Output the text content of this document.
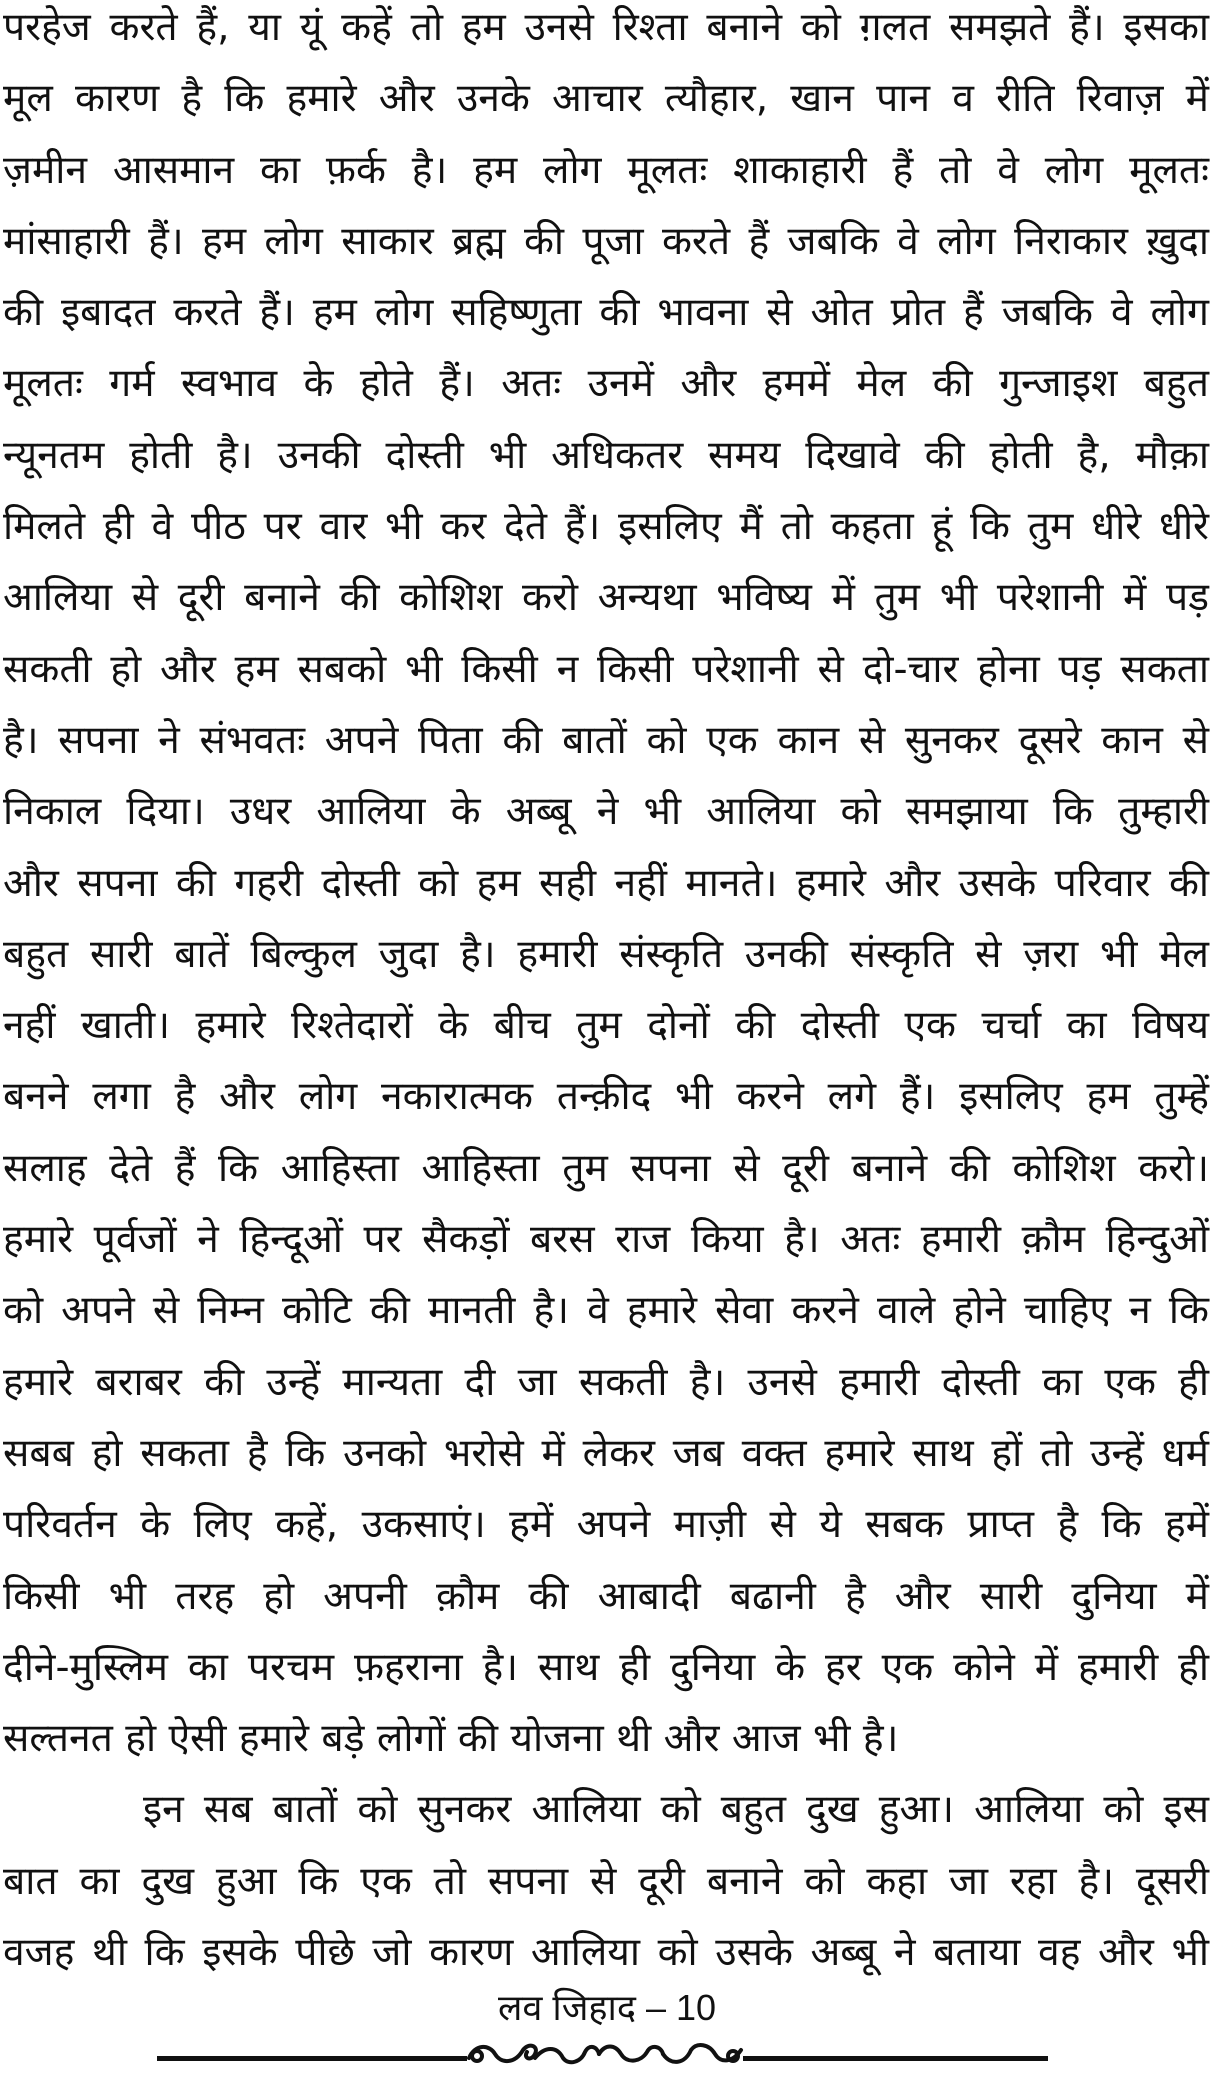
परहेज करते हैं, या यूं कहें तो हम उनसे रिश्ता बनाने को ग़लत समझते हैं। इसका
मूल कारण है कि हमारे और उनके आचार त्यौहार, खान पान व रीति रिवाज़ में
ज़मीन आसमान का फ़र्क है। हम लोग मूलतः शाकाहारी हैं तो वे लोग मूलतः
मांसाहारी हैं। हम लोग साकार ब्रह्म की पूजा करते हैं जबकि वे लोग निराकार ख़ुदा
की इबादत करते हैं। हम लोग सहिष्णुता की भावना से ओत प्रोत हैं जबकि वे लोग
मूलतः गर्म स्वभाव के होते हैं। अतः उनमें और हममें मेल की गुन्जाइश बहुत
न्यूनतम होती है। उनकी दोस्ती भी अधिकतर समय दिखावे की होती है, मौक़ा
मिलते ही वे पीठ पर वार भी कर देते हैं। इसलिए मैं तो कहता हूं कि तुम धीरे धीरे
आलिया से दूरी बनाने की कोशिश करो अन्यथा भविष्य में तुम भी परेशानी में पड़
सकती हो और हम सबको भी किसी न किसी परेशानी से दो-चार होना पड़ सकता
है। सपना ने संभवतः अपने पिता की बातों को एक कान से सुनकर दूसरे कान से
निकाल दिया। उधर आलिया के अब्बू ने भी आलिया को समझाया कि तुम्हारी
और सपना की गहरी दोस्ती को हम सही नहीं मानते। हमारे और उसके परिवार की
बहुत सारी बातें बिल्कुल जुदा है। हमारी संस्कृति उनकी संस्कृति से ज़रा भी मेल
नहीं खाती। हमारे रिश्तेदारों के बीच तुम दोनों की दोस्ती एक चर्चा का विषय
बनने लगा है और लोग नकारात्मक तन्क़ीद भी करने लगे हैं। इसलिए हम तुम्हें
सलाह देते हैं कि आहिस्ता आहिस्ता तुम सपना से दूरी बनाने की कोशिश करो।
हमारे पूर्वजों ने हिन्दूओं पर सैकड़ों बरस राज किया है। अतः हमारी क़ौम हिन्दुओं
को अपने से निम्न कोटि की मानती है। वे हमारे सेवा करने वाले होने चाहिए न कि
हमारे बराबर की उन्हें मान्यता दी जा सकती है। उनसे हमारी दोस्ती का एक ही
सबब हो सकता है कि उनको भरोसे में लेकर जब वक्त हमारे साथ हों तो उन्हें धर्म
परिवर्तन के लिए कहें, उकसाएं। हमें अपने माज़ी से ये सबक प्राप्त है कि हमें
किसी भी तरह हो अपनी क़ौम की आबादी बढानी है और सारी दुनिया में
दीने-मुस्लिम का परचम फ़हराना है। साथ ही दुनिया के हर एक कोने में हमारी ही
सल्तनत हो ऐसी हमारे बड़े लोगों की योजना थी और आज भी है।
इन सब बातों को सुनकर आलिया को बहुत दुख हुआ। आलिया को इस
बात का दुख हुआ कि एक तो सपना से दूरी बनाने को कहा जा रहा है। दूसरी
वजह थी कि इसके पीछे जो कारण आलिया को उसके अब्बू ने बताया वह और भी
लव जिहाद – 10
